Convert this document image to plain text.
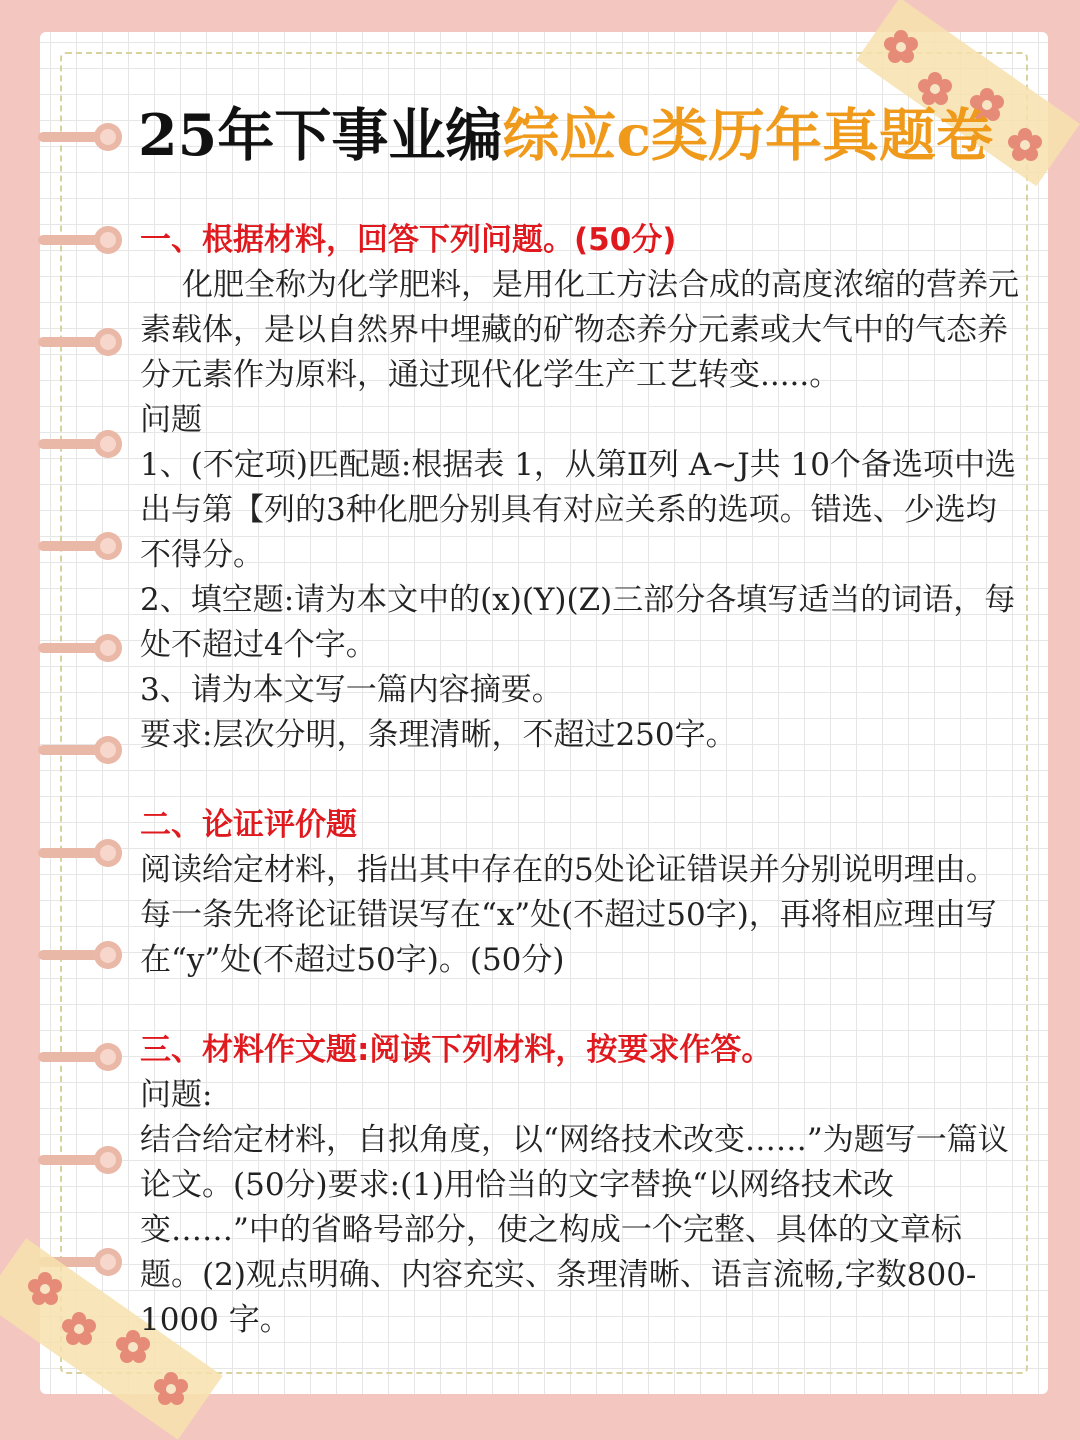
25年下事业编综应c类历年真题卷

一、根据材料，回答下列问题。(50分)

化肥全称为化学肥料，是用化工方法合成的高度浓缩的营养元素载体，是以自然界中埋藏的矿物态养分元素或大气中的气态养分元素作为原料，通过现代化学生产工艺转变.....。

问题

1、(不定项)匹配题:根据表 1，从第Ⅱ列 A~J共 10个备选项中选出与第【列的3种化肥分别具有对应关系的选项。错选、少选均不得分。

2、填空题:请为本文中的(x)(Y)(Z)三部分各填写适当的词语，每处不超过4个字。

3、请为本文写一篇内容摘要。

要求:层次分明，条理清晰，不超过250字。

二、论证评价题

阅读给定材料，指出其中存在的5处论证错误并分别说明理由。每一条先将论证错误写在“x”处(不超过50字)，再将相应理由写在“y”处(不超过50字)。(50分)

三、材料作文题:阅读下列材料，按要求作答。

问题:

结合给定材料，自拟角度，以“网络技术改变……”为题写一篇议论文。(50分)要求:(1)用恰当的文字替换“以网络技术改变……”中的省略号部分，使之构成一个完整、具体的文章标题。(2)观点明确、内容充实、条理清晰、语言流畅,字数800-1000 字。
